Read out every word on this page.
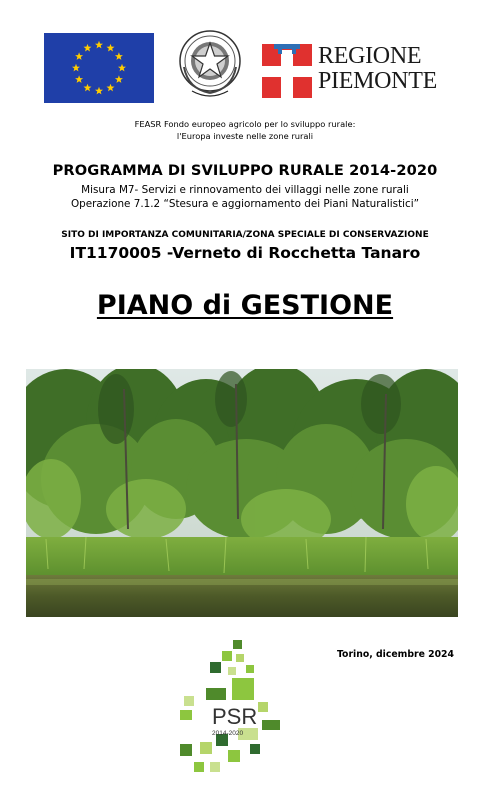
REGIONE
PIEMONTE
FEASR Fondo europeo agricolo per lo sviluppo rurale:
l'Europa investe nelle zone rurali
PROGRAMMA DI SVILUPPO RURALE 2014-2020
Misura M7- Servizi e rinnovamento dei villaggi nelle zone rurali
Operazione 7.1.2 “Stesura e aggiornamento dei Piani Naturalistici”
SITO DI IMPORTANZA COMUNITARIA/ZONA SPECIALE DI CONSERVAZIONE
IT1170005 -Verneto di Rocchetta Tanaro
PIANO di GESTIONE
Torino, dicembre 2024
PSR
2014-2020
